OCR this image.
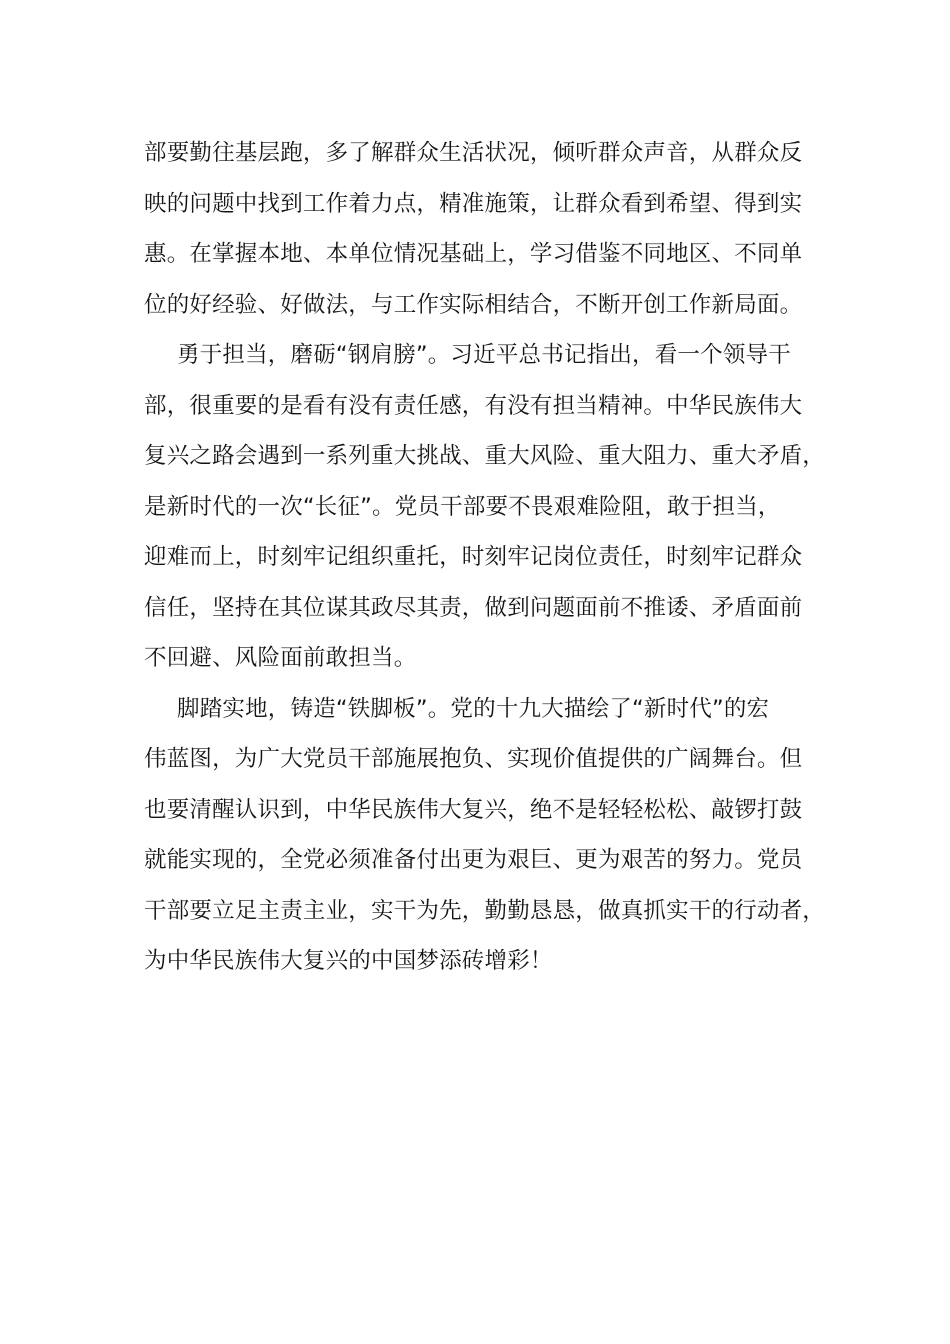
部要勤往基层跑，多了解群众生活状况，倾听群众声音，从群众反
映的问题中找到工作着力点，精准施策，让群众看到希望、得到实
惠。在掌握本地、本单位情况基础上，学习借鉴不同地区、不同单
位的好经验、好做法，与工作实际相结合，不断开创工作新局面。
勇于担当，磨砺“钢肩膀”。习近平总书记指出，看一个领导干
部，很重要的是看有没有责任感，有没有担当精神。中华民族伟大
复兴之路会遇到一系列重大挑战、重大风险、重大阻力、重大矛盾，
是新时代的一次“长征”。党员干部要不畏艰难险阻，敢于担当，
迎难而上，时刻牢记组织重托，时刻牢记岗位责任，时刻牢记群众
信任，坚持在其位谋其政尽其责，做到问题面前不推诿、矛盾面前
不回避、风险面前敢担当。
脚踏实地，铸造“铁脚板”。党的十九大描绘了“新时代”的宏
伟蓝图，为广大党员干部施展抱负、实现价值提供的广阔舞台。但
也要清醒认识到，中华民族伟大复兴，绝不是轻轻松松、敲锣打鼓
就能实现的，全党必须准备付出更为艰巨、更为艰苦的努力。党员
干部要立足主责主业，实干为先，勤勤恳恳，做真抓实干的行动者，
为中华民族伟大复兴的中国梦添砖增彩！
